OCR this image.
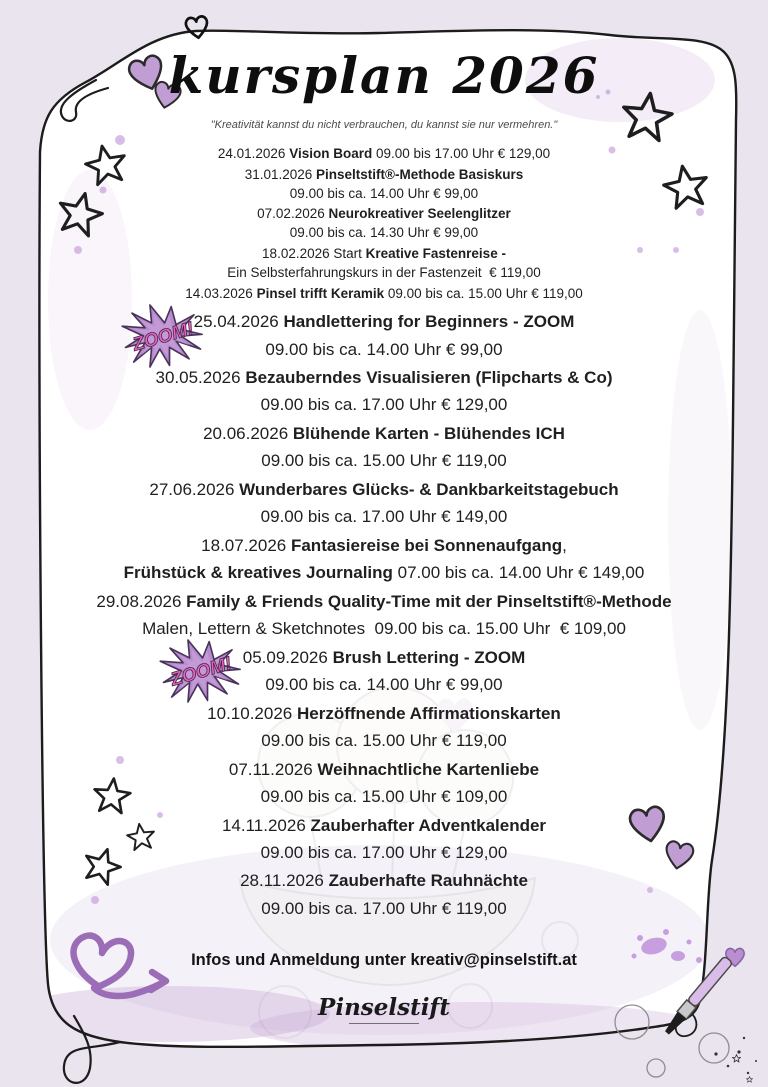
kursplan 2026
"Kreativität kannst du nicht verbrauchen, du kannst sie nur vermehren."
24.01.2026 Vision Board 09.00 bis 17.00 Uhr € 129,00
31.01.2026 Pinseltstift®-Methode Basiskurs
09.00 bis ca. 14.00 Uhr € 99,00
07.02.2026 Neurokreativer Seelenglitzer
09.00 bis ca. 14.30 Uhr € 99,00
18.02.2026 Start Kreative Fastenreise -
Ein Selbsterfahrungskurs in der Fastenzeit  € 119,00
14.03.2026 Pinsel trifft Keramik 09.00 bis ca. 15.00 Uhr € 119,00
ZOOM!
25.04.2026 Handlettering for Beginners - ZOOM
09.00 bis ca. 14.00 Uhr € 99,00
30.05.2026 Bezauberndes Visualisieren (Flipcharts & Co)
09.00 bis ca. 17.00 Uhr € 129,00
20.06.2026 Blühende Karten - Blühendes ICH
09.00 bis ca. 15.00 Uhr € 119,00
27.06.2026 Wunderbares Glücks- & Dankbarkeitstagebuch
09.00 bis ca. 17.00 Uhr € 149,00
18.07.2026 Fantasiereise bei Sonnenaufgang,
Frühstück & kreatives Journaling 07.00 bis ca. 14.00 Uhr € 149,00
29.08.2026 Family & Friends Quality-Time mit der Pinseltstift®-Methode
Malen, Lettern & Sketchnotes  09.00 bis ca. 15.00 Uhr  € 109,00
ZOOM! 05.09.2026 Brush Lettering - ZOOM
09.00 bis ca. 14.00 Uhr € 99,00
10.10.2026 Herzöffnende Affirmationskarten
09.00 bis ca. 15.00 Uhr € 119,00
07.11.2026 Weihnachtliche Kartenliebe
09.00 bis ca. 15.00 Uhr € 109,00
14.11.2026 Zauberhafter Adventkalender
09.00 bis ca. 17.00 Uhr € 129,00
28.11.2026 Zauberhafte Rauhnächte
09.00 bis ca. 17.00 Uhr € 119,00
Infos und Anmeldung unter kreativ@pinselstift.at
Pinselstift
